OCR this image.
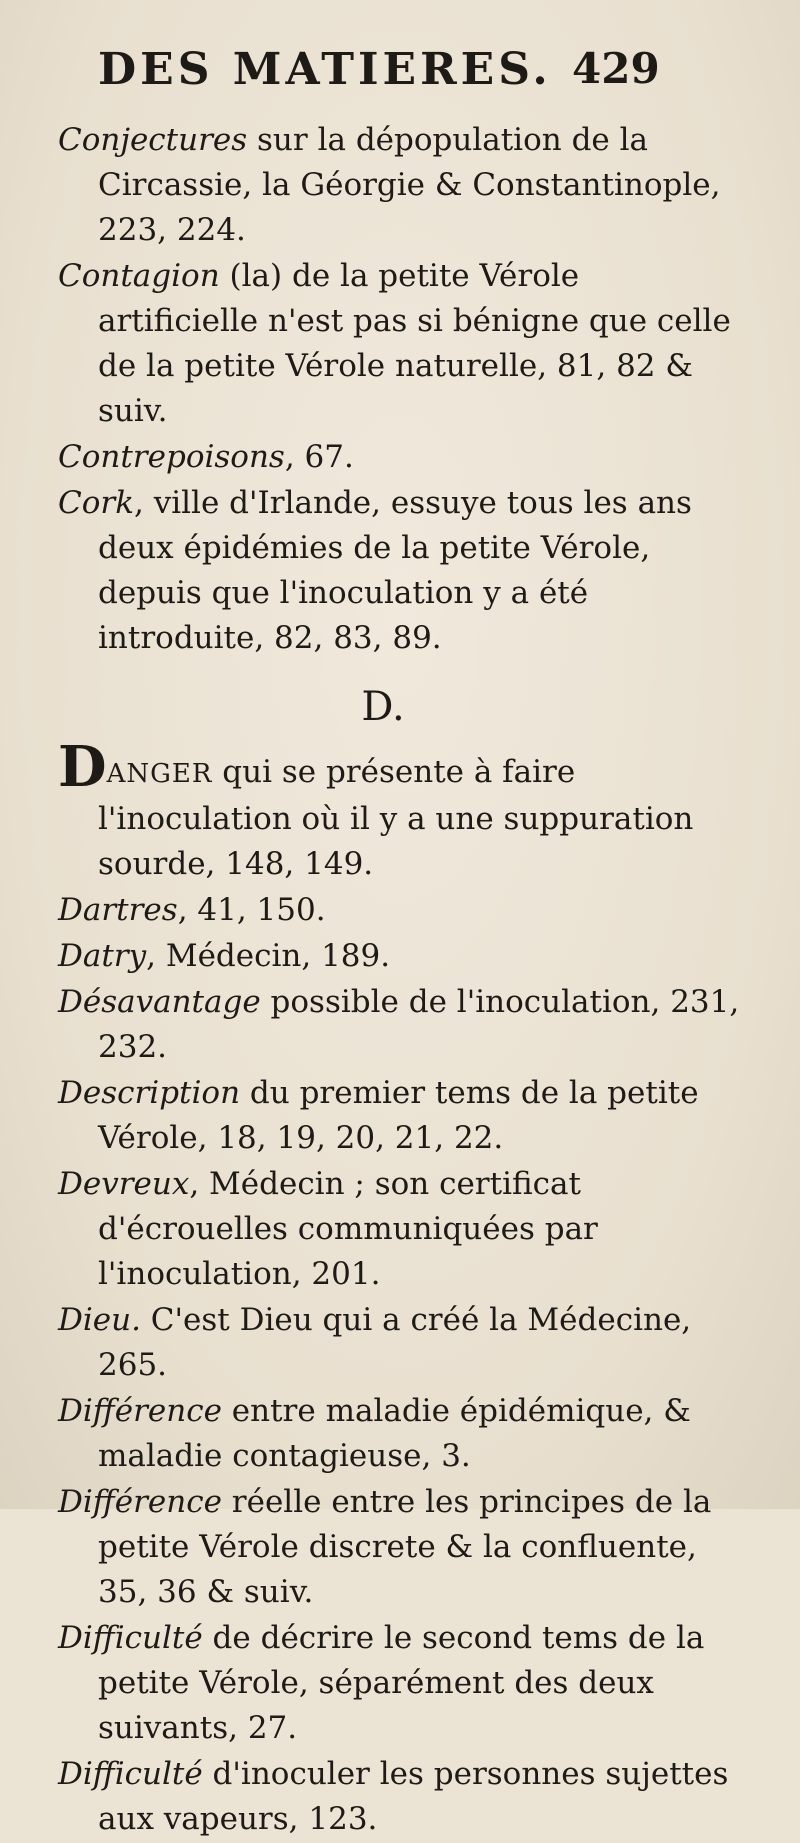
DES MATIERES. 429

Conjectures sur la dépopulation de la Circassie, la Géorgie & Constantinople, 223, 224.

Contagion (la) de la petite Vérole artificielle n'est pas si bénigne que celle de la petite Vérole naturelle, 81, 82 & suiv.

Contrepoisons, 67.

Cork, ville d'Irlande, essuye tous les ans deux épidémies de la petite Vérole, depuis que l'inoculation y a été introduite, 82, 83, 89.

D.

DANGER qui se présente à faire l'inoculation où il y a une suppuration sourde, 148, 149.

Dartres, 41, 150.

Datry, Médecin, 189.

Désavantage possible de l'inoculation, 231, 232.

Description du premier tems de la petite Vérole, 18, 19, 20, 21, 22.

Devreux, Médecin ; son certificat d'écrouelles communiquées par l'inoculation, 201.

Dieu. C'est Dieu qui a créé la Médecine, 265.

Différence entre maladie épidémique, & maladie contagieuse, 3.

Différence réelle entre les principes de la petite Vérole discrete & la confluente, 35, 36 & suiv.

Difficulté de décrire le second tems de la petite Vérole, séparément des deux suivants, 27.

Difficulté d'inoculer les personnes sujettes aux vapeurs, 123.
